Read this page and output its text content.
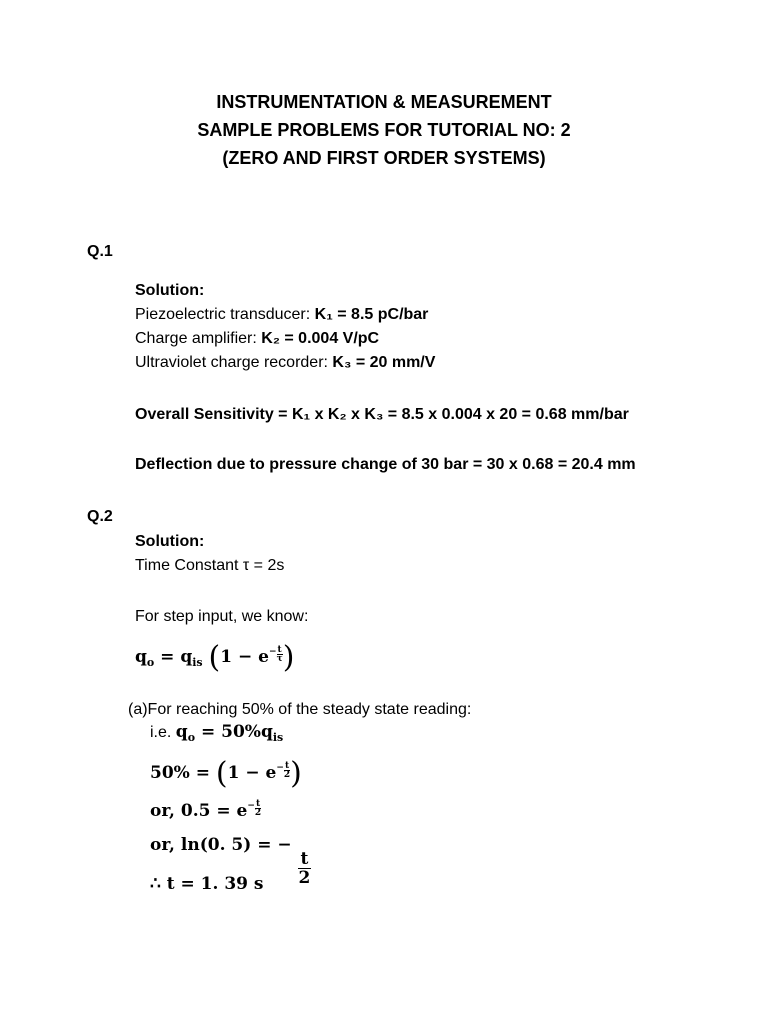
INSTRUMENTATION & MEASUREMENT
SAMPLE PROBLEMS FOR TUTORIAL NO: 2
(ZERO AND FIRST ORDER SYSTEMS)
Q.1
Solution:
Piezoelectric transducer: K₁ = 8.5 pC/bar
Charge amplifier: K₂ = 0.004 V/pC
Ultraviolet charge recorder: K₃ = 20 mm/V
Overall Sensitivity = K₁ x K₂ x K₃ = 8.5 x 0.004 x 20 = 0.68 mm/bar
Deflection due to pressure change of 30 bar = 30 x 0.68 = 20.4 mm
Q.2
Solution:
Time Constant τ = 2s
For step input, we know:
$q_o = q_{is}$ ($1 - e^- \frac{t}{\tau}$ )
(a)For reaching 50% of the steady state reading:
i.e. $q_o = 50\%q_{is}$
$50\% = (1 - e^- \frac{t}{2}$ )
or, $0.5 = e^- \frac{t}{2}$
or, ln(0. 5) = −
$\frac{t}{2}$
∴ t = 1. 39 s
